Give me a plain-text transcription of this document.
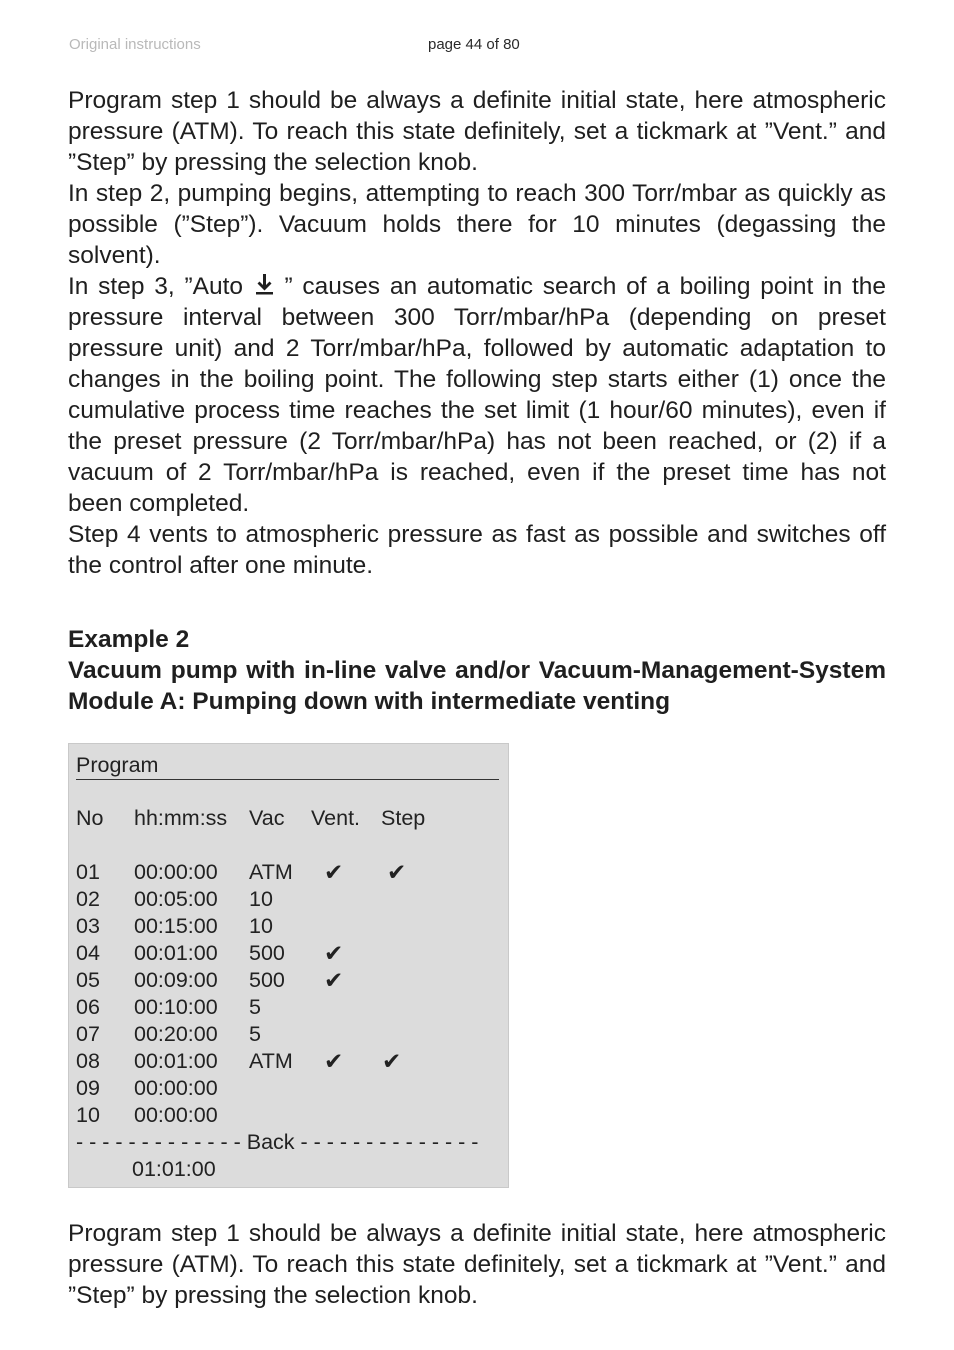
Original instructions	page 44 of 80

Program step 1 should be always a definite initial state, here atmospheric pressure (ATM). To reach this state definitely, set a tickmark at ”Vent.” and ”Step” by pressing the selection knob.

In step 2, pumping begins, attempting to reach 300 Torr/mbar as quickly as possible (”Step”). Vacuum holds there for 10 minutes (degassing the solvent).

In step 3, ”Auto  ” causes an automatic search of a boiling point in the pressure interval between 300 Torr/mbar/hPa (depending on preset pressure unit) and 2 Torr/mbar/hPa, followed by automatic adaptation to changes in the boiling point. The following step starts either (1) once the cumulative process time reaches the set limit (1 hour/60 minutes), even if the preset pressure (2 Torr/mbar/hPa) has not been reached, or (2) if a vacuum of 2 Torr/mbar/hPa is reached, even if the preset time has not been completed.

Step 4 vents to atmospheric pressure as fast as possible and switches off the control after one minute.

Example 2

Vacuum pump with in-line valve and/or Vacuum-Management-System Module A: Pumping down with intermediate venting

Program
No hh:mm:ss Vac Vent. Step
01 00:00:00 ATM ✔ ✔
02 00:05:00 10
03 00:15:00 10
04 00:01:00 500 ✔
05 00:09:00 500 ✔
06 00:10:00 5
07 00:20:00 5
08 00:01:00 ATM ✔ ✔
09 00:00:00
10 00:00:00
- - - - - - - - - - - - - Back - - - - - - - - - - - - - -
01:01:00

Program step 1 should be always a definite initial state, here atmospheric pressure (ATM). To reach this state definitely, set a tickmark at ”Vent.” and ”Step” by pressing the selection knob.
